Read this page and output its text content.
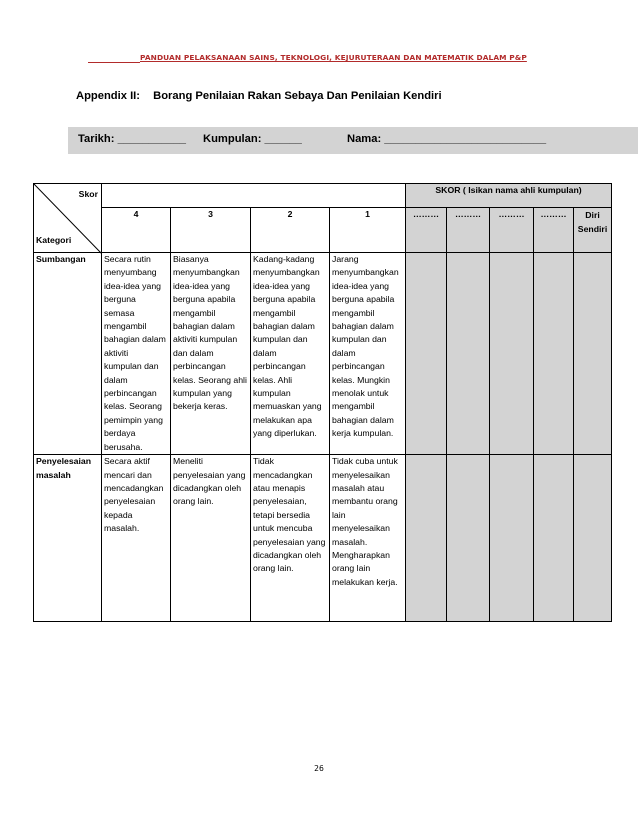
PANDUAN PELAKSANAAN SAINS, TEKNOLOGI, KEJURUTERAAN DAN MATEMATIK DALAM P&P
Appendix II: Borang Penilaian Rakan Sebaya Dan Penilaian Kendiri
Tarikh: ___________ Kumpulan: ______	Nama: __________________________
Skor
Kategori					SKOR ( Isikan nama ahli kumpulan)				
	4	3	2	1	………	………	………	………	Diri
Sendiri
Sumbangan	Secara rutin menyumbang idea-idea yang berguna semasa mengambil bahagian dalam aktiviti kumpulan dan dalam perbincangan kelas. Seorang pemimpin yang berdaya berusaha.	Biasanya menyumbangkan idea-idea yang berguna apabila mengambil bahagian dalam aktiviti kumpulan dan dalam perbincangan kelas. Seorang ahli kumpulan yang bekerja keras.	Kadang-kadang menyumbangkan idea-idea yang berguna apabila mengambil bahagian dalam kumpulan dan dalam perbincangan kelas. Ahli kumpulan memuaskan yang melakukan apa yang diperlukan.	Jarang menyumbangkan idea-idea yang berguna apabila mengambil bahagian dalam kumpulan dan dalam perbincangan kelas. Mungkin menolak untuk mengambil bahagian dalam kerja kumpulan.					
Penyelesaian masalah	Secara aktif mencari dan mencadangkan penyelesaian kepada masalah.	Meneliti penyelesaian yang dicadangkan oleh orang lain.	Tidak mencadangkan atau menapis penyelesaian, tetapi bersedia untuk mencuba penyelesaian yang dicadangkan oleh orang lain.	Tidak cuba untuk menyelesaikan masalah atau membantu orang lain menyelesaikan masalah. Mengharapkan orang lain melakukan kerja.					
26
